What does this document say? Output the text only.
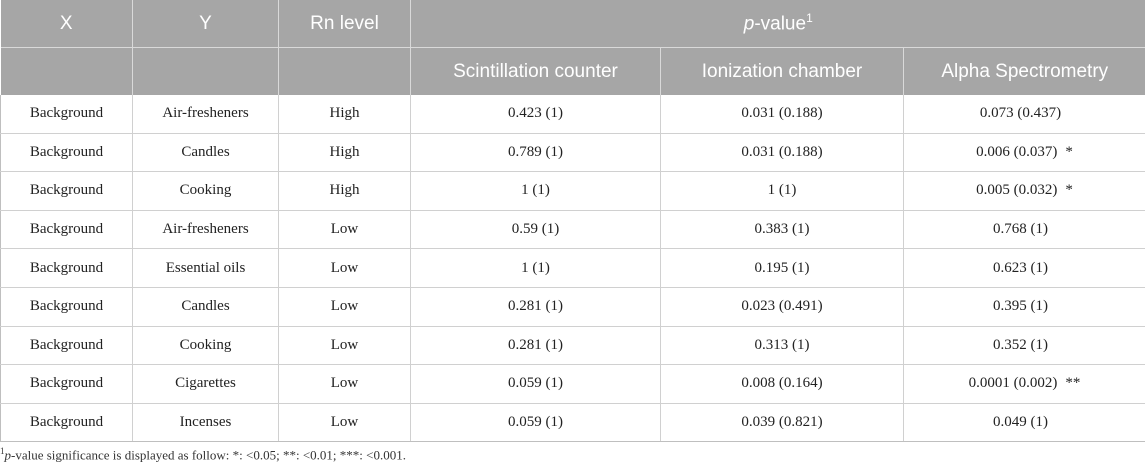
X	Y	Rn level	p-value$^1$
			Scintillation counter	Ionization chamber	Alpha Spectrometry
Background	Air-fresheners	High	0.423 (1)	0.031 (0.188)	0.073 (0.437)
Background	Candles	High	0.789 (1)	0.031 (0.188)	0.006 (0.037) *
Background	Cooking	High	1 (1)	1 (1)	0.005 (0.032) *
Background	Air-fresheners	Low	0.59 (1)	0.383 (1)	0.768 (1)
Background	Essential oils	Low	1 (1)	0.195 (1)	0.623 (1)
Background	Candles	Low	0.281 (1)	0.023 (0.491)	0.395 (1)
Background	Cooking	Low	0.281 (1)	0.313 (1)	0.352 (1)
Background	Cigarettes	Low	0.059 (1)	0.008 (0.164)	0.0001 (0.002) **
Background	Incenses	Low	0.059 (1)	0.039 (0.821)	0.049 (1)
$^1$p-value significance is displayed as follow: *: <0.05; **: <0.01; ***: <0.001.
